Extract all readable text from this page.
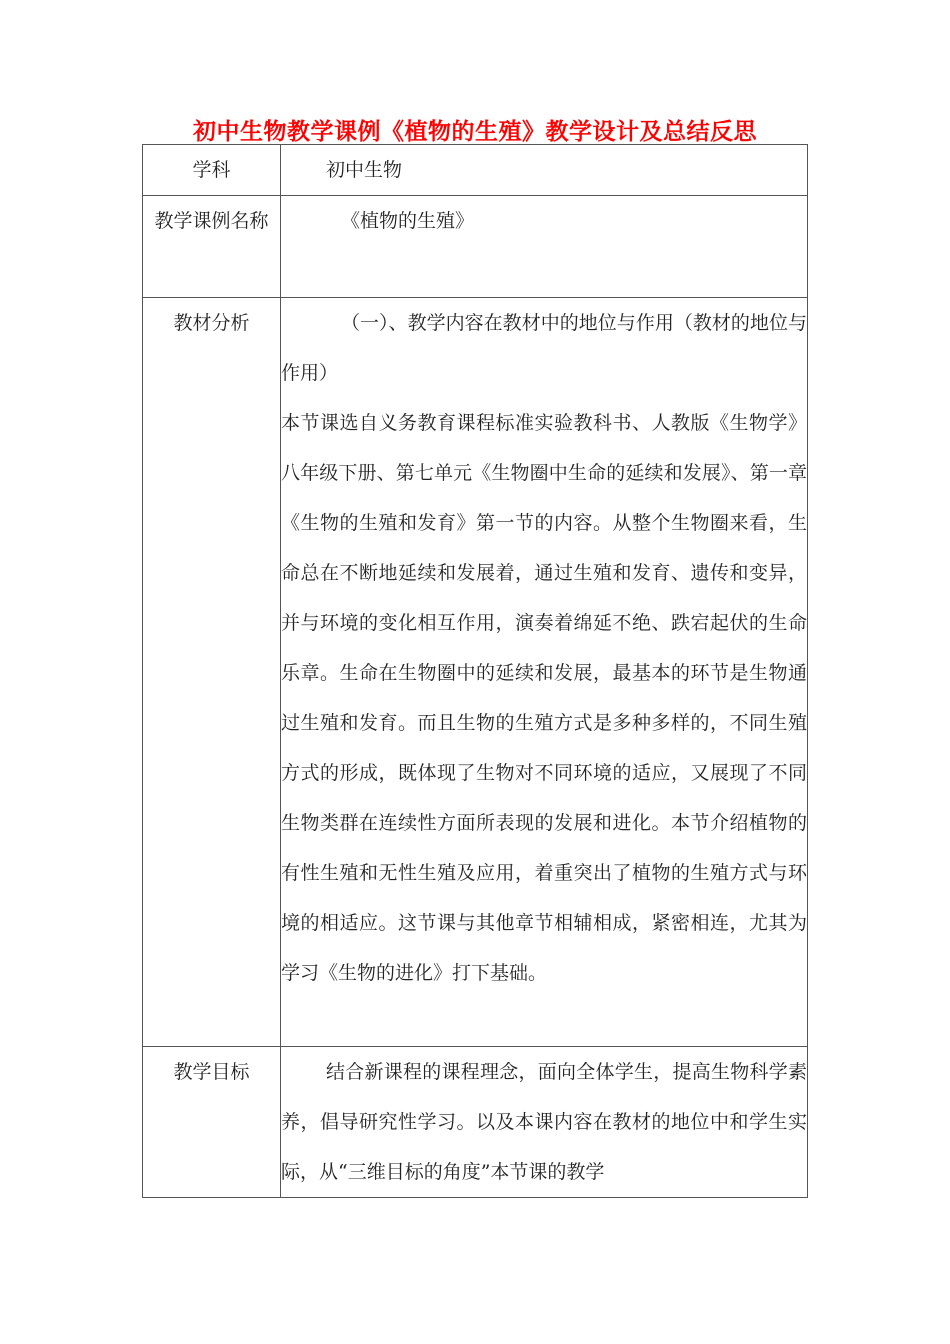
初中生物教学课例《植物的生殖》教学设计及总结反思
学科	初中生物

教学课例名称	《植物的生殖》

教材分析	（一）、教学内容在教材中的地位与作用（教材的地位与作用）
本节课选自义务教育课程标准实验教科书、人教版《生物学》八年级下册、第七单元《生物圈中生命的延续和发展》、第一章《生物的生殖和发育》第一节的内容。从整个生物圈来看，生命总在不断地延续和发展着，通过生殖和发育、遗传和变异，并与环境的变化相互作用，演奏着绵延不绝、跌宕起伏的生命乐章。生命在生物圈中的延续和发展，最基本的环节是生物通过生殖和发育。而且生物的生殖方式是多种多样的，不同生殖方式的形成，既体现了生物对不同环境的适应，又展现了不同生物类群在连续性方面所表现的发展和进化。本节介绍植物的有性生殖和无性生殖及应用，着重突出了植物的生殖方式与环境的相适应。这节课与其他章节相辅相成，紧密相连，尤其为学习《生物的进化》打下基础。

教学目标	结合新课程的课程理念，面向全体学生，提高生物科学素养，倡导研究性学习。以及本课内容在教材的地位中和学生实际，从“三维目标的角度”本节课的教学
